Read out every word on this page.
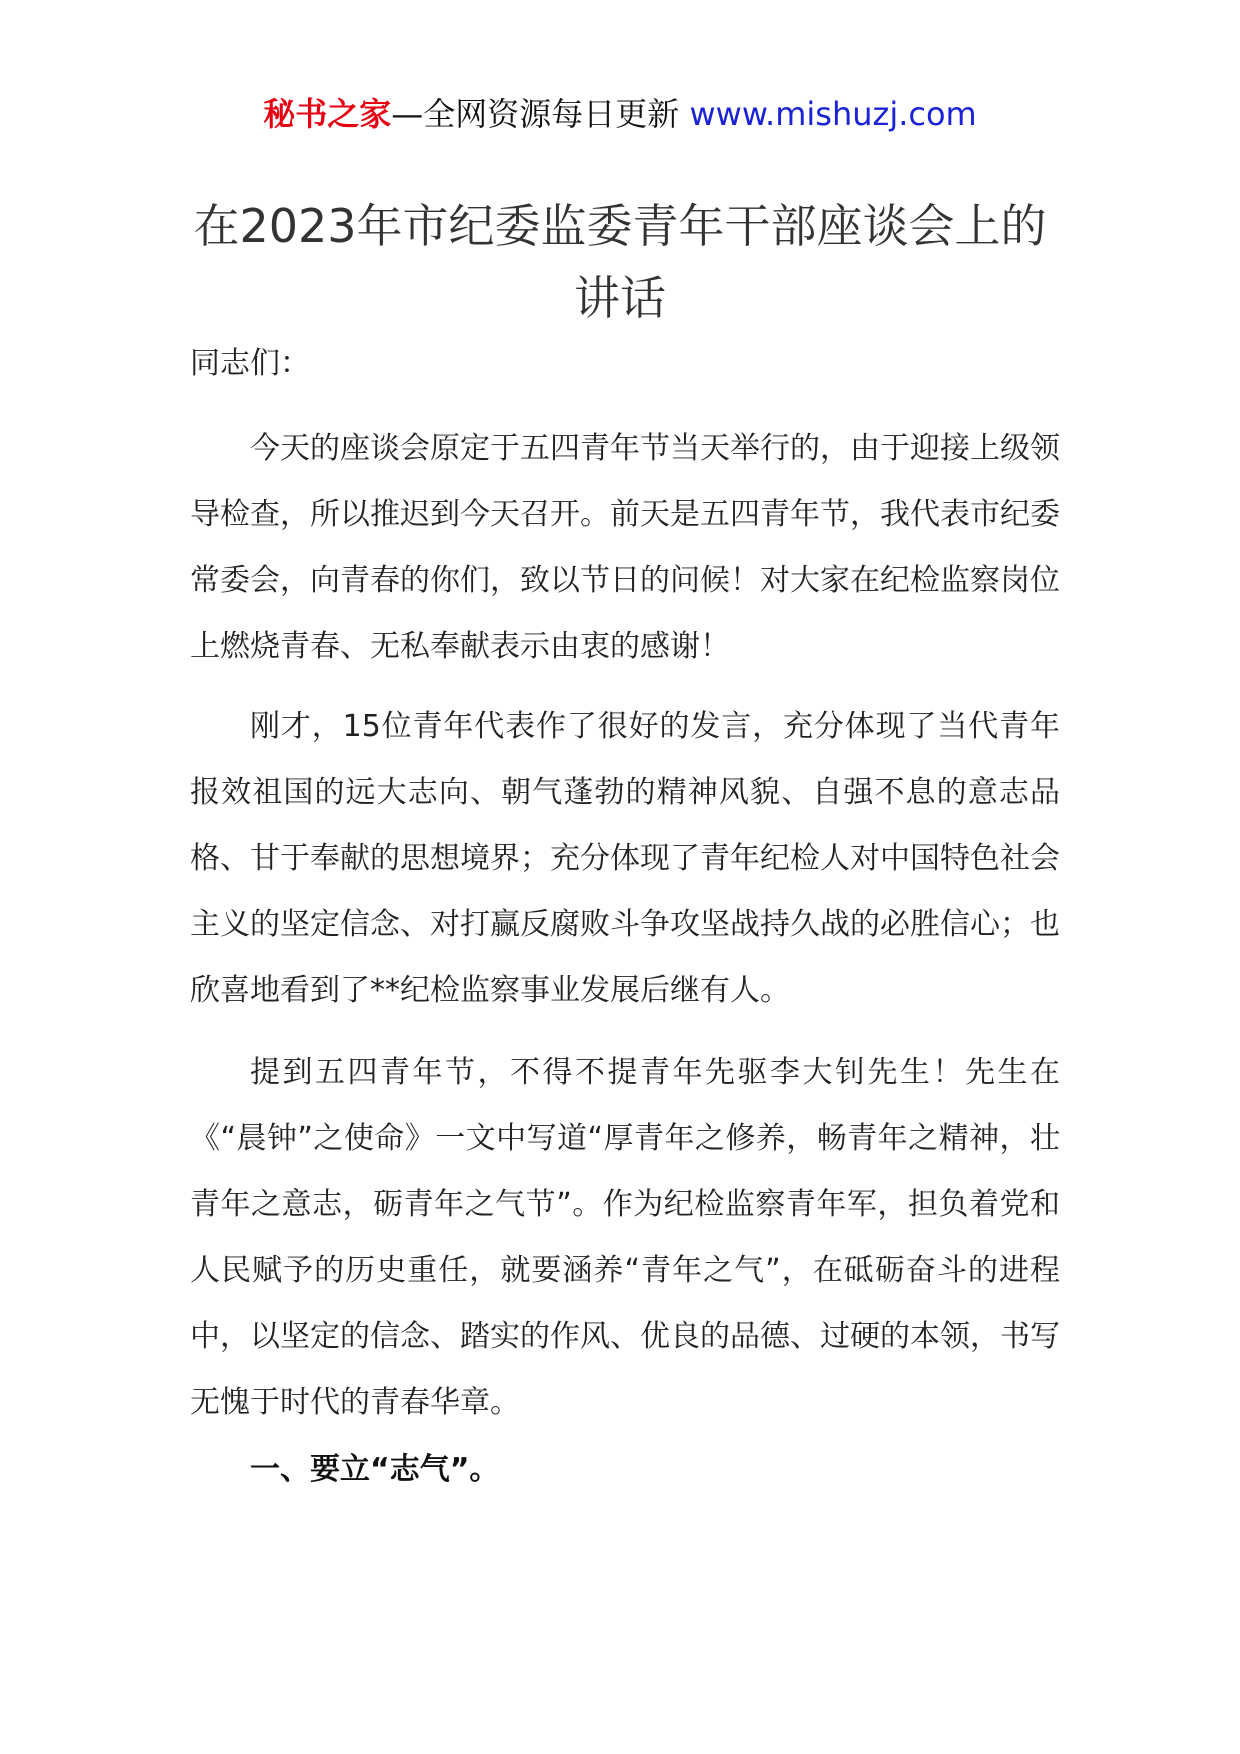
秘书之家—全网资源每日更新 www.mishuzj.com
在2023年市纪委监委青年干部座谈会上的讲话

同志们：

今天的座谈会原定于五四青年节当天举行的，由于迎接上级领导检查，所以推迟到今天召开。前天是五四青年节，我代表市纪委常委会，向青春的你们，致以节日的问候！对大家在纪检监察岗位上燃烧青春、无私奉献表示由衷的感谢！

刚才，15位青年代表作了很好的发言，充分体现了当代青年报效祖国的远大志向、朝气蓬勃的精神风貌、自强不息的意志品格、甘于奉献的思想境界；充分体现了青年纪检人对中国特色社会主义的坚定信念、对打赢反腐败斗争攻坚战持久战的必胜信心；也欣喜地看到了**纪检监察事业发展后继有人。

提到五四青年节，不得不提青年先驱李大钊先生！先生在《“晨钟”之使命》一文中写道“厚青年之修养，畅青年之精神，壮青年之意志，砺青年之气节”。作为纪检监察青年军，担负着党和人民赋予的历史重任，就要涵养“青年之气”，在砥砺奋斗的进程中，以坚定的信念、踏实的作风、优良的品德、过硬的本领，书写无愧于时代的青春华章。

一、要立“志气”。
